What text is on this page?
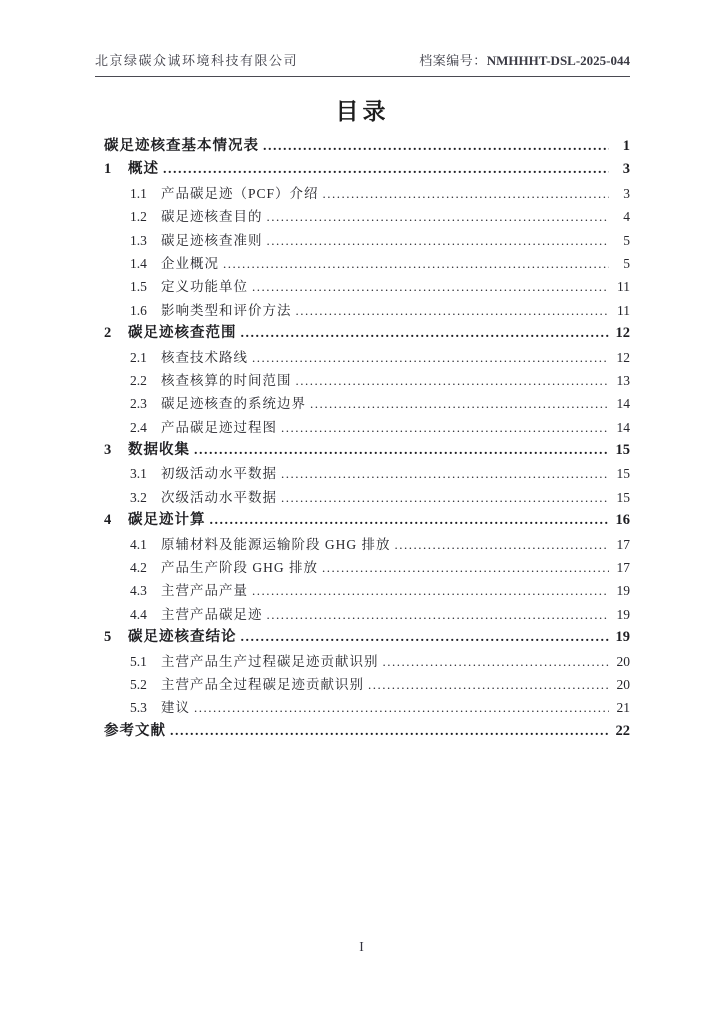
北京绿碳众诚环境科技有限公司	档案编号：NMHHHT-DSL-2025-044
目录
碳足迹核查基本情况表 .....	1
1	概述 .....	3
1.1	产品碳足迹（PCF）介绍 .....	3
1.2	碳足迹核查目的 .....	4
1.3	碳足迹核查准则 .....	5
1.4	企业概况 .....	5
1.5	定义功能单位 .....	11
1.6	影响类型和评价方法 .....	11
2	碳足迹核查范围 .....	12
2.1	核查技术路线 .....	12
2.2	核查核算的时间范围 .....	13
2.3	碳足迹核查的系统边界 .....	14
2.4	产品碳足迹过程图 .....	14
3	数据收集 .....	15
3.1	初级活动水平数据 .....	15
3.2	次级活动水平数据 .....	15
4	碳足迹计算 .....	16
4.1	原辅材料及能源运输阶段 GHG 排放 .....	17
4.2	产品生产阶段 GHG 排放 .....	17
4.3	主营产品产量 .....	19
4.4	主营产品碳足迹 .....	19
5	碳足迹核查结论 .....	19
5.1	主营产品生产过程碳足迹贡献识别 .....	20
5.2	主营产品全过程碳足迹贡献识别 .....	20
5.3	建议 .....	21
参考文献 .....	22
I
